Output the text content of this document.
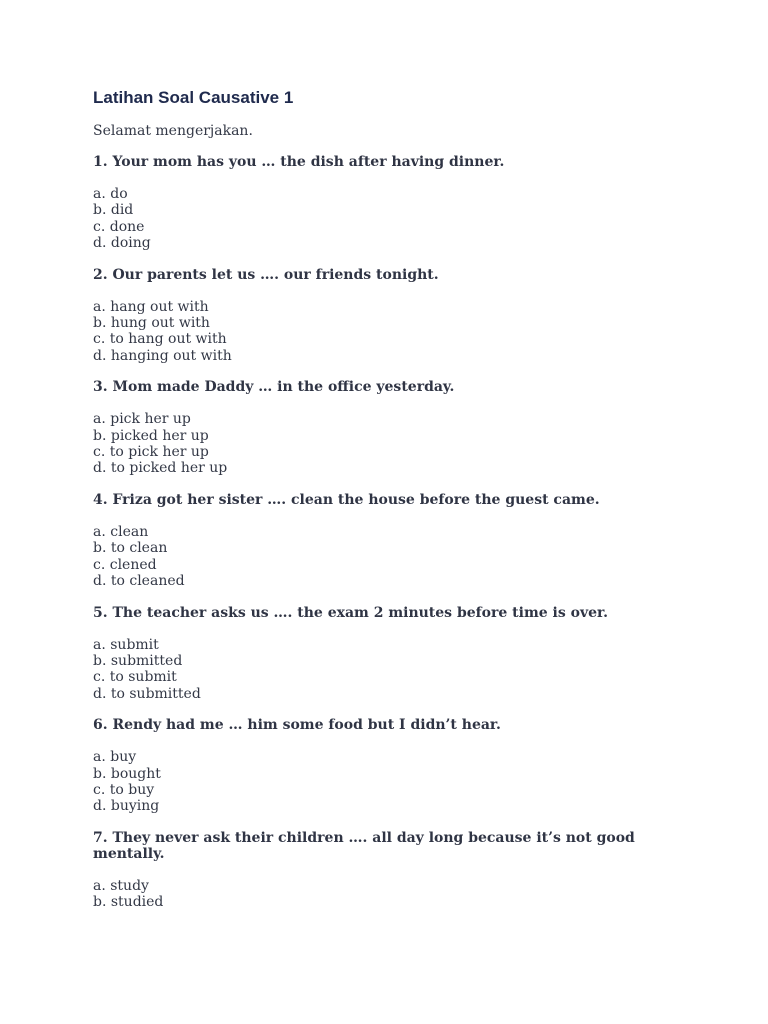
Latihan Soal Causative 1

Selamat mengerjakan.

1. Your mom has you … the dish after having dinner.

a. do

b. did

c. done

d. doing

2. Our parents let us …. our friends tonight.

a. hang out with

b. hung out with

c. to hang out with

d. hanging out with

3. Mom made Daddy … in the office yesterday.

a. pick her up

b. picked her up

c. to pick her up

d. to picked her up

4. Friza got her sister …. clean the house before the guest came.

a. clean

b. to clean

c. clened

d. to cleaned

5. The teacher asks us …. the exam 2 minutes before time is over.

a. submit

b. submitted

c. to submit

d. to submitted

6. Rendy had me … him some food but I didn’t hear.

a. buy

b. bought

c. to buy

d. buying

7. They never ask their children …. all day long because it’s not good mentally.

a. study

b. studied
